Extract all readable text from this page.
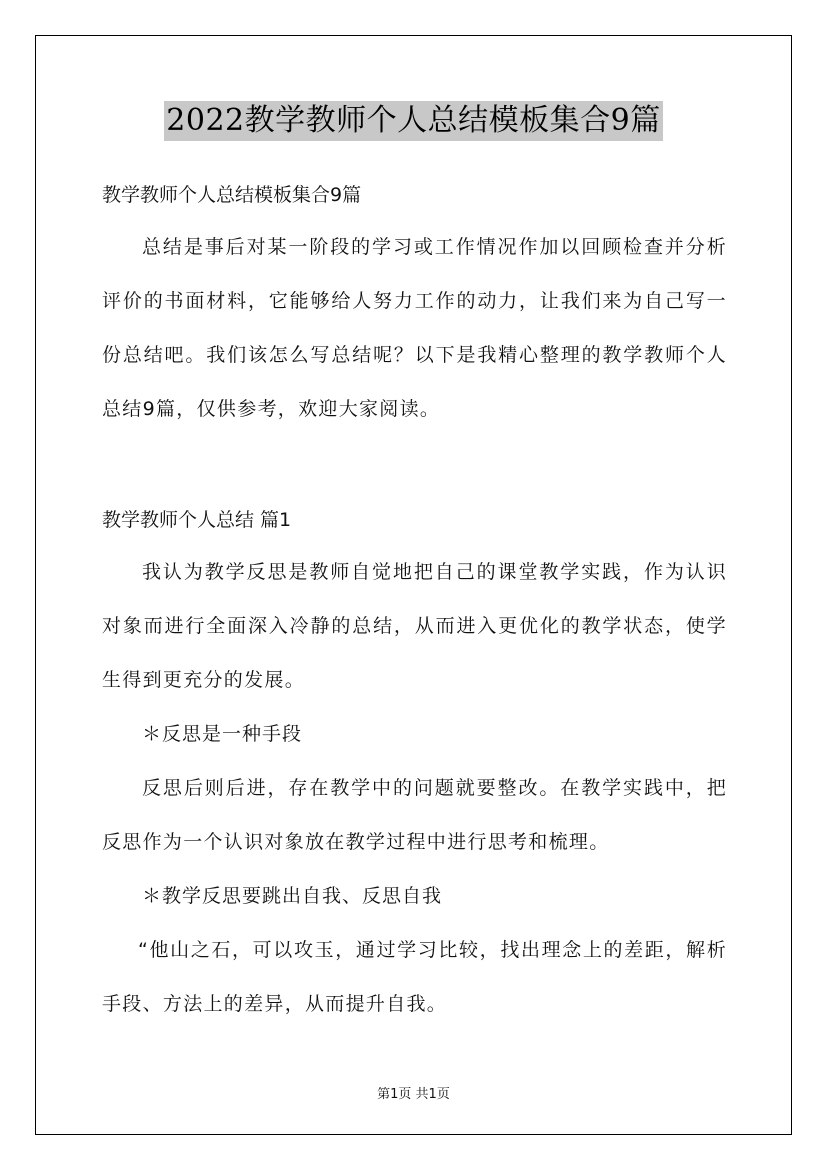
2022教学教师个人总结模板集合9篇

教学教师个人总结模板集合9篇

总结是事后对某一阶段的学习或工作情况作加以回顾检查并分析评价的书面材料，它能够给人努力工作的动力，让我们来为自己写一份总结吧。我们该怎么写总结呢？以下是我精心整理的教学教师个人总结9篇，仅供参考，欢迎大家阅读。

教学教师个人总结 篇1

我认为教学反思是教师自觉地把自己的课堂教学实践，作为认识对象而进行全面深入冷静的总结，从而进入更优化的教学状态，使学生得到更充分的发展。

＊反思是一种手段

反思后则后进，存在教学中的问题就要整改。在教学实践中，把反思作为一个认识对象放在教学过程中进行思考和梳理。

＊教学反思要跳出自我、反思自我

“他山之石，可以攻玉，通过学习比较，找出理念上的差距，解析手段、方法上的差异，从而提升自我。

第1页 共1页
